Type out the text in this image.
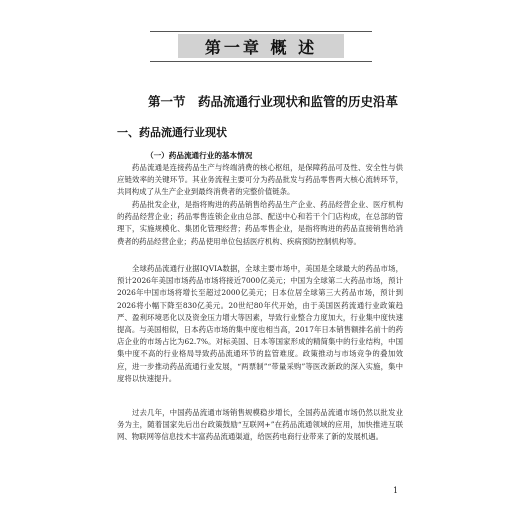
第一章 概 述
第一节　药品流通行业现状和监管的历史沿革
一、药品流通行业现状
（一）药品流通行业的基本情况

药品流通是连接药品生产与终端消费的核心枢纽，是保障药品可及性、安全性与供应链效率的关键环节。其业务流程主要可分为药品批发与药品零售两大核心流转环节，共同构成了从生产企业到最终消费者的完整价值链条。

药品批发企业，是指将购进的药品销售给药品生产企业、药品经营企业、医疗机构的药品经营企业；药品零售连锁企业由总部、配送中心和若干个门店构成，在总部的管理下，实施规模化、集团化管理经营；药品零售企业，是指将购进的药品直接销售给消费者的药品经营企业；药品使用单位包括医疗机构、疾病预防控制机构等。

全球药品流通行业据IQVIA数据，全球主要市场中，美国是全球最大的药品市场，预计2026年美国市场药品市场将接近7000亿美元；中国为全球第二大药品市场，预计2026年中国市场将增长至超过2000亿美元；日本位居全球第三大药品市场，预计到2026将小幅下降至830亿美元。20世纪80年代开始，由于美国医药流通行业政策趋严、盈利环境恶化以及资金压力增大等因素，导致行业整合力度加大，行业集中度快速提高。与美国相似，日本药店市场的集中度也相当高，2017年日本销售额排名前十的药店企业的市场占比为62.7%。对标美国、日本等国家形成的精简集中的行业结构，中国集中度不高的行业格局导致药品流通环节的监管难度。政策推动与市场竞争的叠加效应，进一步推动药品流通行业发展，“两票制”“带量采购”等医改新政的深入实施，集中度将以快速提升。

过去几年，中国药品流通市场销售规模稳步增长，全国药品流通市场仍然以批发业务为主，随着国家先后出台政策鼓励“互联网+”在药品流通领域的应用，加快推进互联网、物联网等信息技术丰富药品流通渠道，给医药电商行业带来了新的发展机遇。

1
